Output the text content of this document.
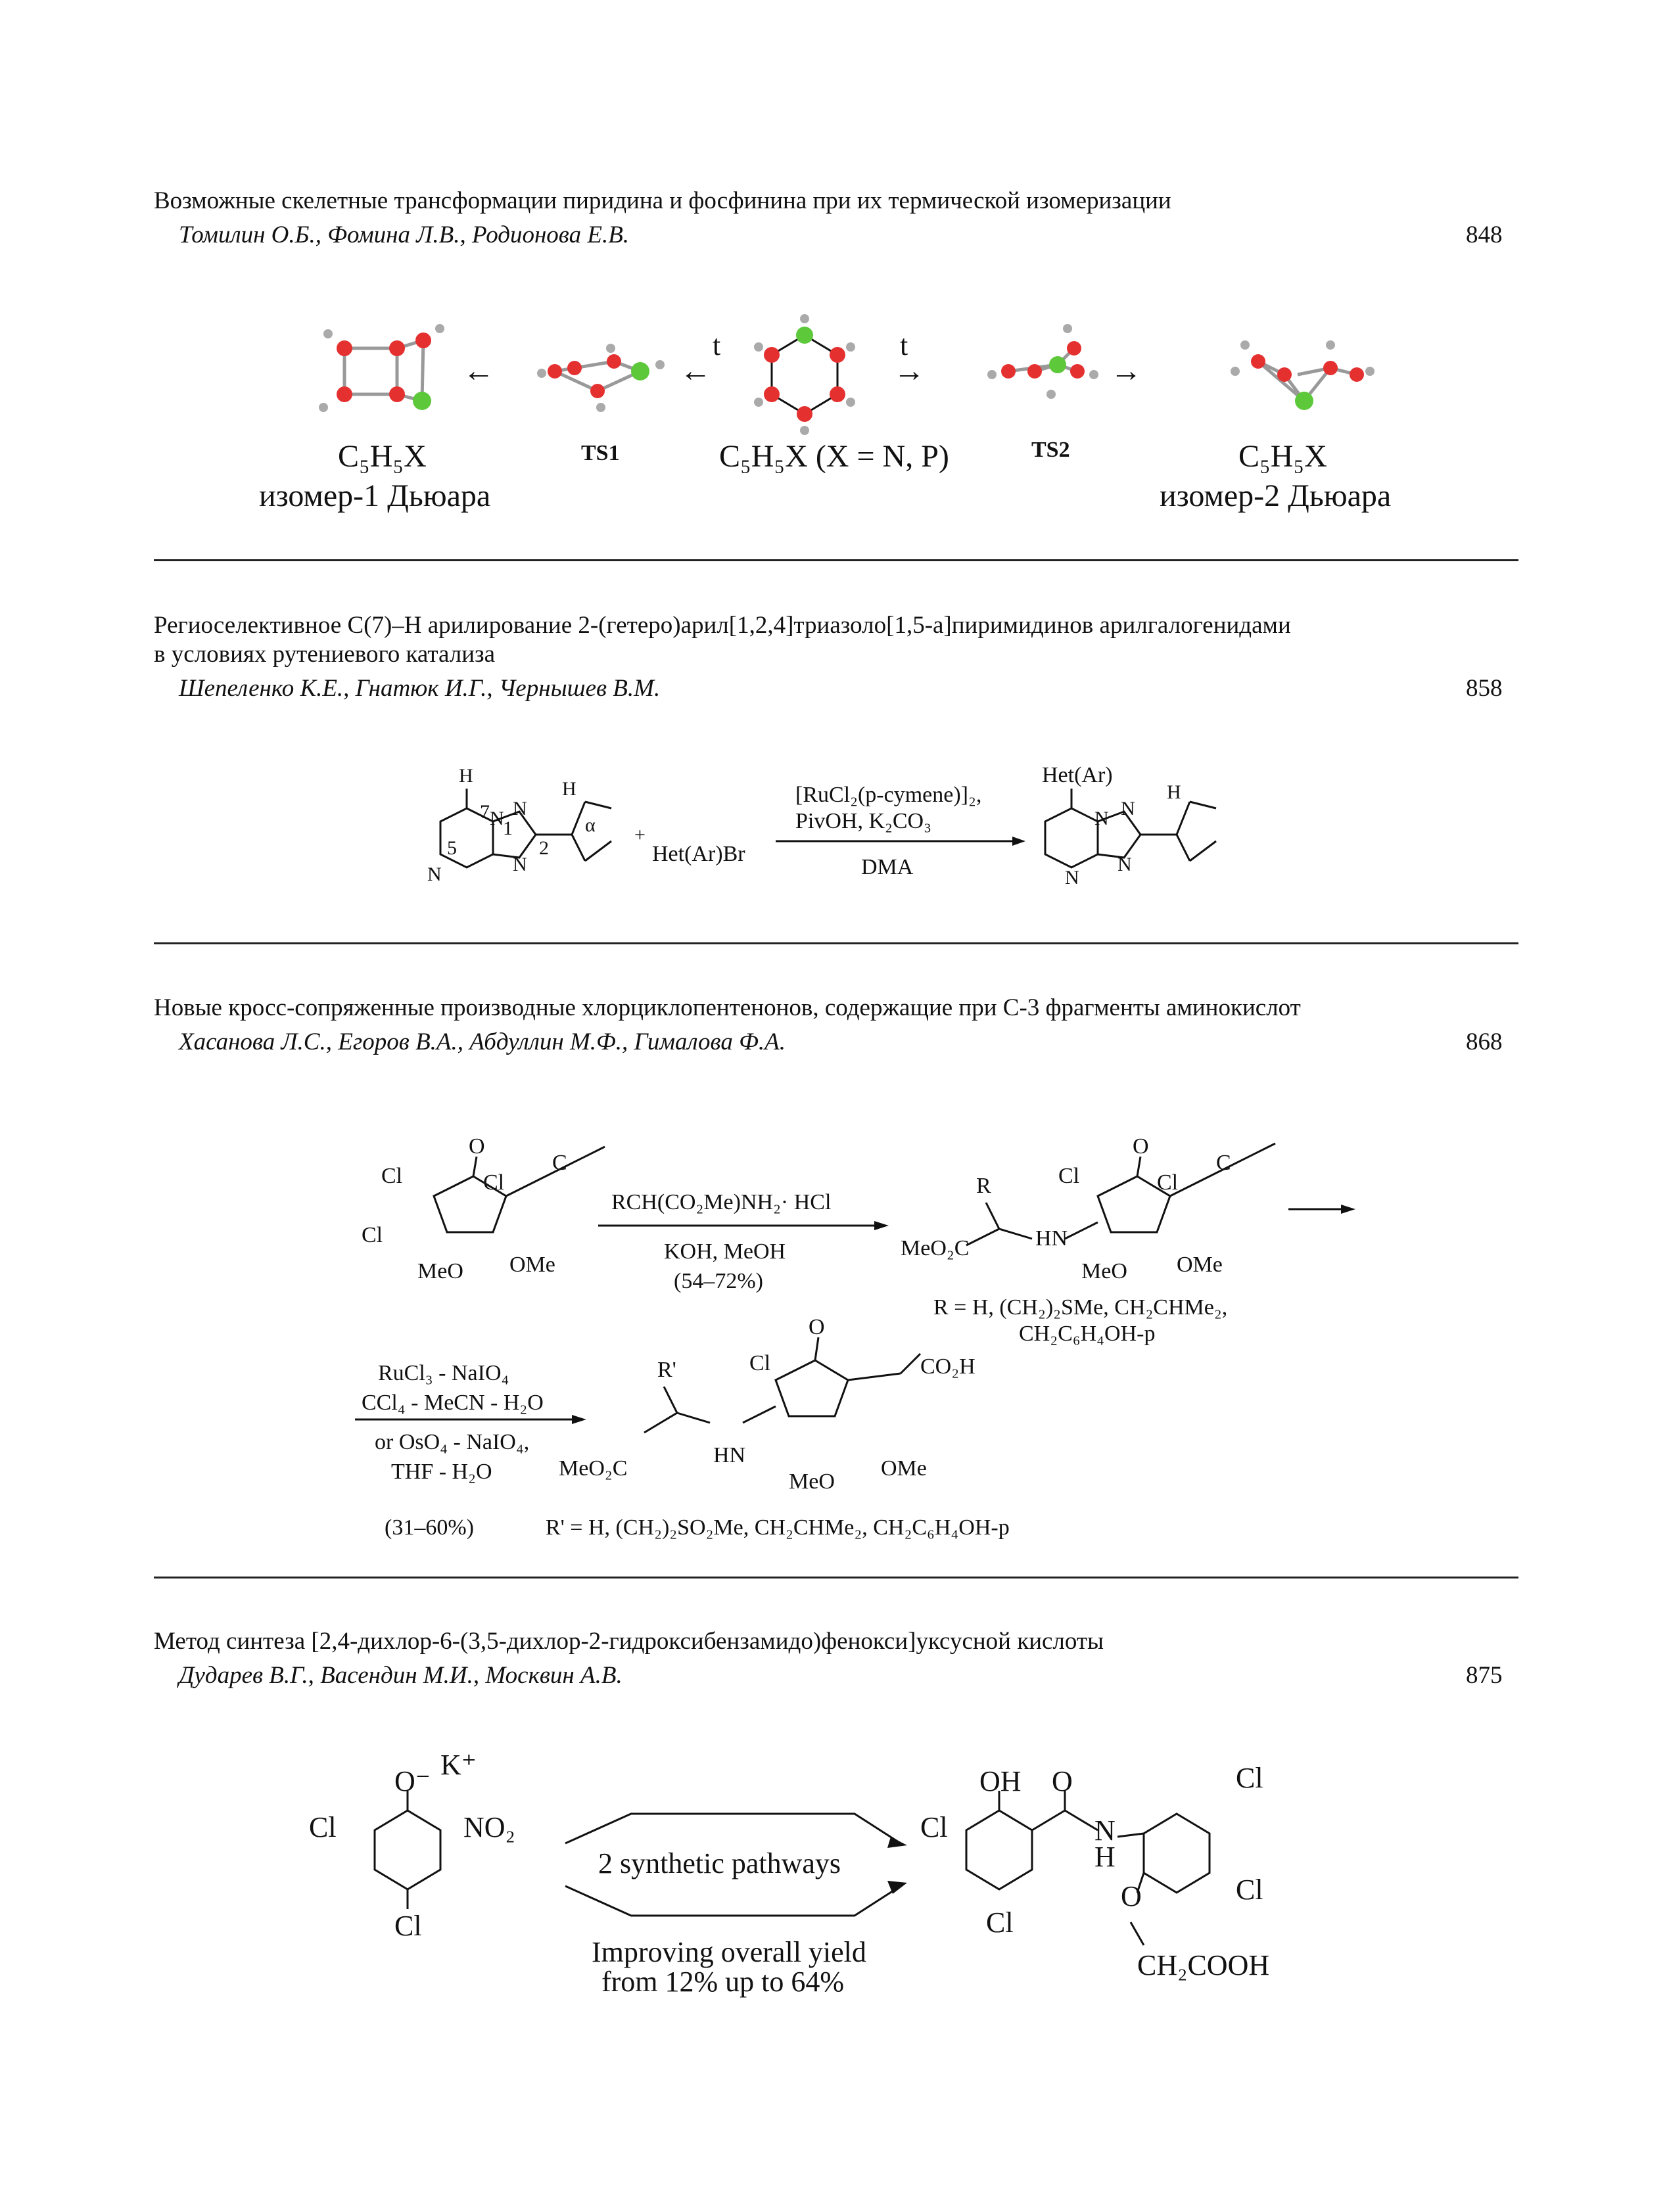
Возможные скелетные трансформации пиридина и фосфинина при их термической изомеризации
Томилин О.Б., Фомина Л.В., Родионова Е.В.	848
←
TS1
t
←
C₅H₅X (X = N, P)
t
→
TS2
→
C₅H₅X
изомер-1 Дьюара
C₅H₅X
изомер-2 Дьюара
Региоселективное C(7)–H арилирование 2-(гетеро)арил[1,2,4]триазоло[1,5-a]пиримидинов арилгалогенидами
в условиях рутениевого катализа
Шепеленко К.Е., Гнатюк И.Г., Чернышев В.М.	858
H
H
7
5
N
N N
N
1
2
α +
Het(Ar)Br
[RuCl₂(p-cymene)]₂,
PivOH, K₂CO₃
DMA
Het(Ar)
H
N N
N
N
Новые кросс-сопряженные производные хлорциклопентенонов, содержащие при С-3 фрагменты аминокислот
Хасанова Л.С., Егоров В.А., Абдуллин М.Ф., Гималова Ф.А.	868
O
Cl	Cl
Cl
MeO OMe
C
RCH(CO₂Me)NH₂· HCl
KOH, MeOH
(54–72%)
O
Cl	Cl
R
MeO₂C	HN
MeO OMe
C
R = H, (CH₂)₂SMe, CH₂CHMe₂,
CH₂C₆H₄OH-p
RuCl₃ - NaIO₄
CCl₄ - MeCN - H₂O
or OsO₄ - NaIO₄,
THF - H₂O
(31–60%)
O
Cl	CO₂H
R'
MeO₂C
HN
MeO
OMe
R' = H, (CH₂)₂SO₂Me, CH₂CHMe₂, CH₂C₆H₄OH-p
Метод синтеза [2,4-дихлор-6-(3,5-дихлор-2-гидроксибензамидо)фенокси]уксусной кислоты
Дударев В.Г., Васендин М.И., Москвин А.В.	875
O⁻
K⁺
Cl	NO₂
Cl
2 synthetic pathways
Improving overall yield
from 12% up to 64%
OH O
Cl
Cl
N
H
Cl
Cl
O
CH₂COOH
